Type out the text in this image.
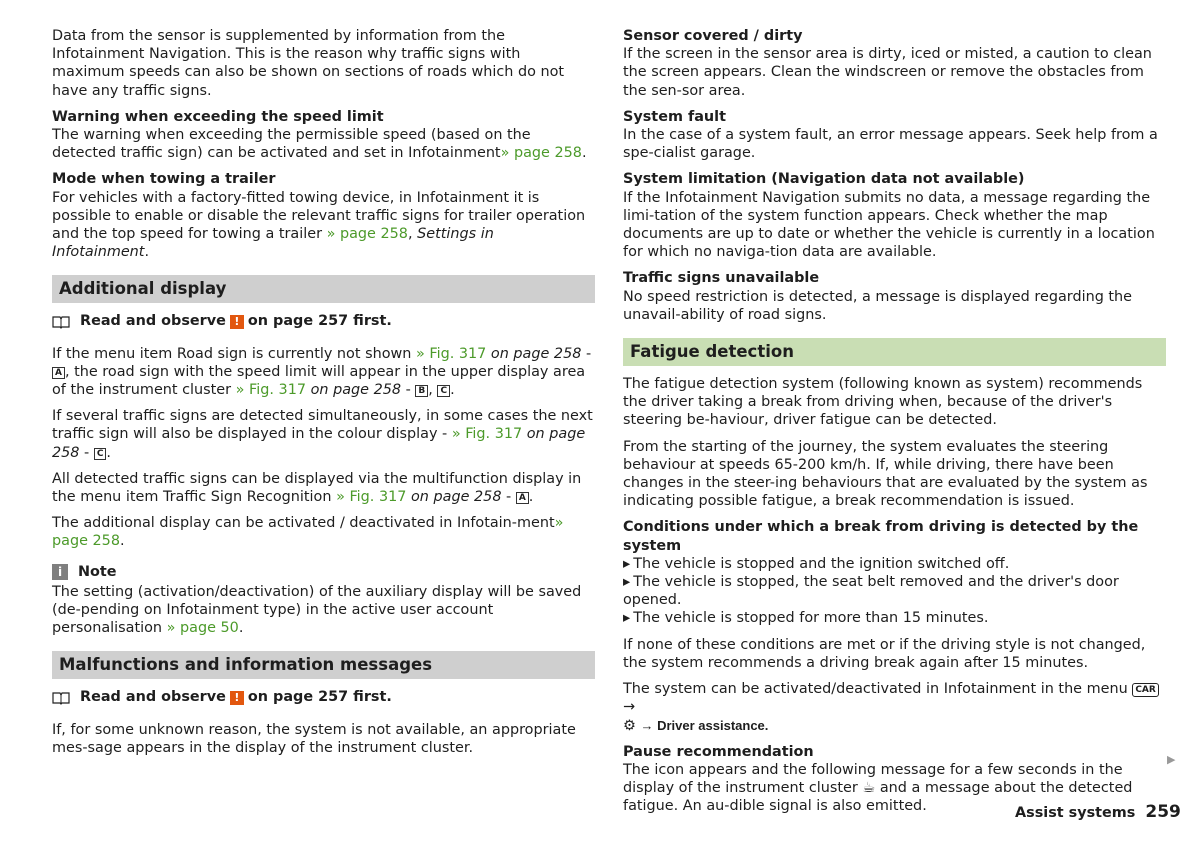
Data from the sensor is supplemented by information from the Infotainment Navigation. This is the reason why traffic signs with maximum speeds can also be shown on sections of roads which do not have any traffic signs.

Warning when exceeding the speed limit
The warning when exceeding the permissible speed (based on the detected traffic sign) can be activated and set in Infotainment» page 258.
Mode when towing a trailer
For vehicles with a factory-fitted towing device, in Infotainment it is possible to enable or disable the relevant traffic signs for trailer operation and the top speed for towing a trailer » page 258, Settings in Infotainment.
Additional display
Read and observe ! on page 257 first.

If the menu item Road sign is currently not shown » Fig. 317 on page 258 - A , the road sign with the speed limit will appear in the upper display area of the instrument cluster » Fig. 317 on page 258 - B , C .

If several traffic signs are detected simultaneously, in some cases the next traffic sign will also be displayed in the colour display - » Fig. 317 on page 258 - C .

All detected traffic signs can be displayed via the multifunction display in the menu item Traffic Sign Recognition » Fig. 317 on page 258 - A .

The additional display can be activated / deactivated in Infotain-ment» page 258.

i	Note

The setting (activation/deactivation) of the auxiliary display will be saved (de-pending on Infotainment type) in the active user account personalisation » page 50.

Malfunctions and information messages
Read and observe ! on page 257 first.

If, for some unknown reason, the system is not available, an appropriate mes-sage appears in the display of the instrument cluster.

Sensor covered / dirty
If the screen in the sensor area is dirty, iced or misted, a caution to clean the screen appears. Clean the windscreen or remove the obstacles from the sen-sor area.
System fault
In the case of a system fault, an error message appears. Seek help from a spe-cialist garage.
System limitation (Navigation data not available)
If the Infotainment Navigation submits no data, a message regarding the limi-tation of the system function appears. Check whether the map documents are up to date or whether the vehicle is currently in a location for which no naviga-tion data are available.
Traffic signs unavailable
No speed restriction is detected, a message is displayed regarding the unavail-ability of road signs.
Fatigue detection

The fatigue detection system (following known as system) recommends the driver taking a break from driving when, because of the driver's steering be-haviour, driver fatigue can be detected.

From the starting of the journey, the system evaluates the steering behaviour at speeds 65-200 km/h. If, while driving, there have been changes in the steer-ing behaviours that are evaluated by the system as indicating possible fatigue, a break recommendation is issued.

Conditions under which a break from driving is detected by the system
▸ The vehicle is stopped and the ignition switched off.
▸ The vehicle is stopped, the seat belt removed and the driver's door opened.
▸ The vehicle is stopped for more than 15 minutes.

If none of these conditions are met or if the driving style is not changed, the system recommends a driving break again after 15 minutes.

The system can be activated/deactivated in Infotainment in the menu CAR →
⚙ → Driver assistance.

Pause recommendation
The icon appears and the following message for a few seconds in the display of the instrument cluster ☕ and a message about the detected fatigue. An au-dible signal is also emitted.
▶
Assist systems 259
